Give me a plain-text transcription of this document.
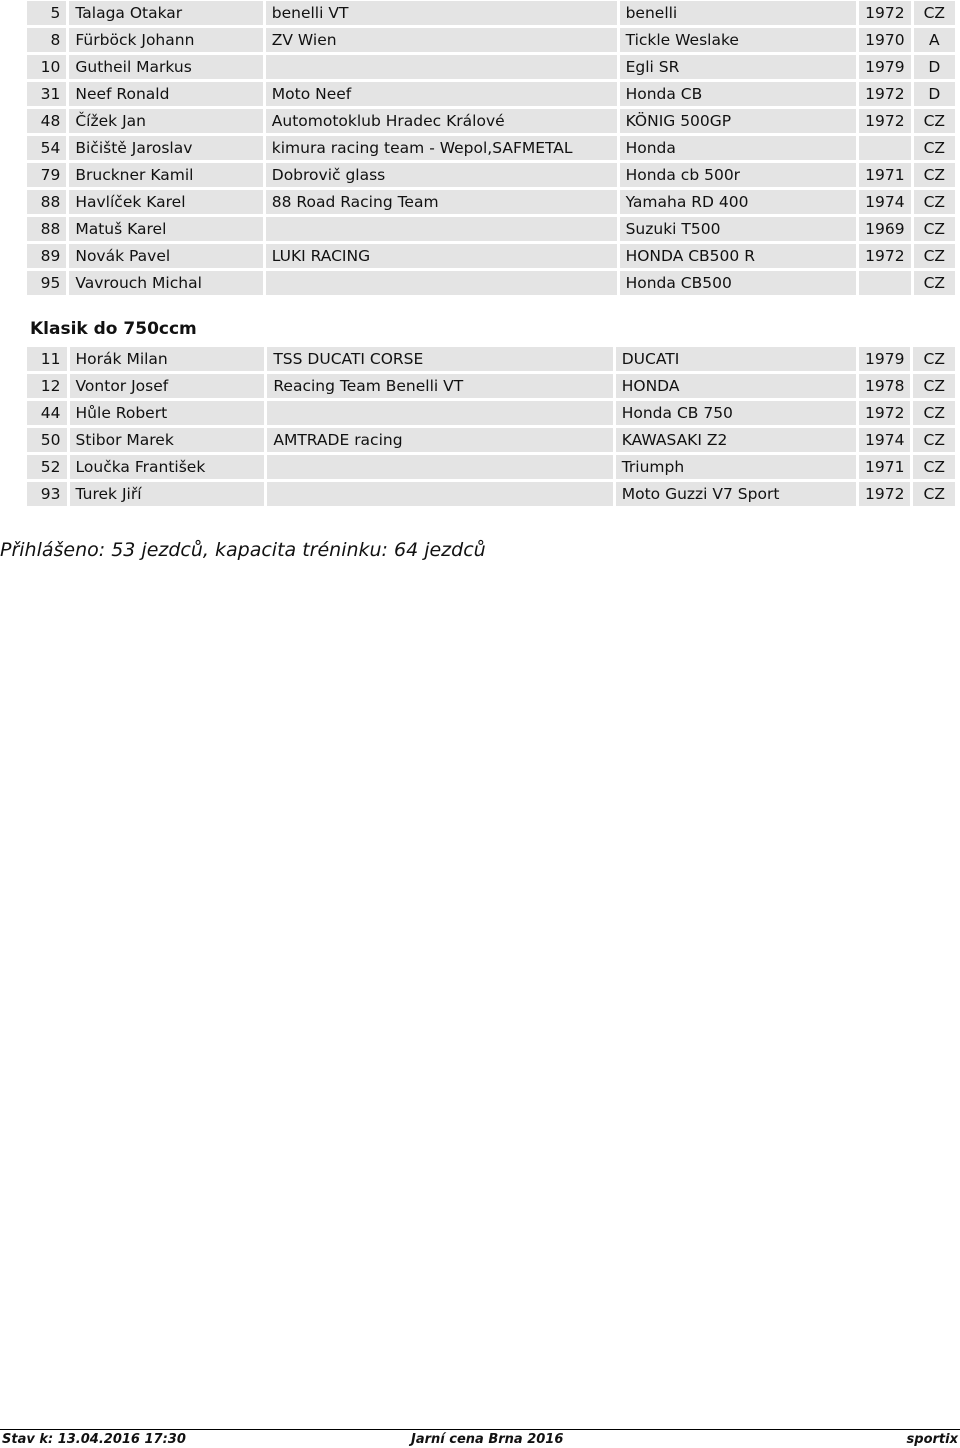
5	Talaga Otakar	benelli VT	benelli	1972	CZ
8	Fürböck Johann	ZV Wien	Tickle Weslake	1970	A
10	Gutheil Markus		Egli SR	1979	D
31	Neef Ronald	Moto Neef	Honda CB	1972	D
48	Čížek Jan	Automotoklub Hradec Králové	KÖNIG 500GP	1972	CZ
54	Bičiště Jaroslav	kimura racing team - Wepol,SAFMETAL	Honda		CZ
79	Bruckner Kamil	Dobrovič glass	Honda cb 500r	1971	CZ
88	Havlíček Karel	88 Road Racing Team	Yamaha RD 400	1974	CZ
88	Matuš Karel		Suzuki T500	1969	CZ
89	Novák Pavel	LUKI RACING	HONDA CB500 R	1972	CZ
95	Vavrouch Michal		Honda CB500		CZ
Klasik do 750ccm
11	Horák Milan	TSS DUCATI CORSE	DUCATI	1979	CZ
12	Vontor Josef	Reacing Team Benelli VT	HONDA	1978	CZ
44	Hůle Robert		Honda CB 750	1972	CZ
50	Stibor Marek	AMTRADE racing	KAWASAKI Z2	1974	CZ
52	Loučka František		Triumph	1971	CZ
93	Turek Jiří		Moto Guzzi V7 Sport	1972	CZ
Přihlášeno: 53 jezdců, kapacita tréninku: 64 jezdců
Stav k: 13.04.2016 17:30	Jarní cena Brna 2016	sportix
